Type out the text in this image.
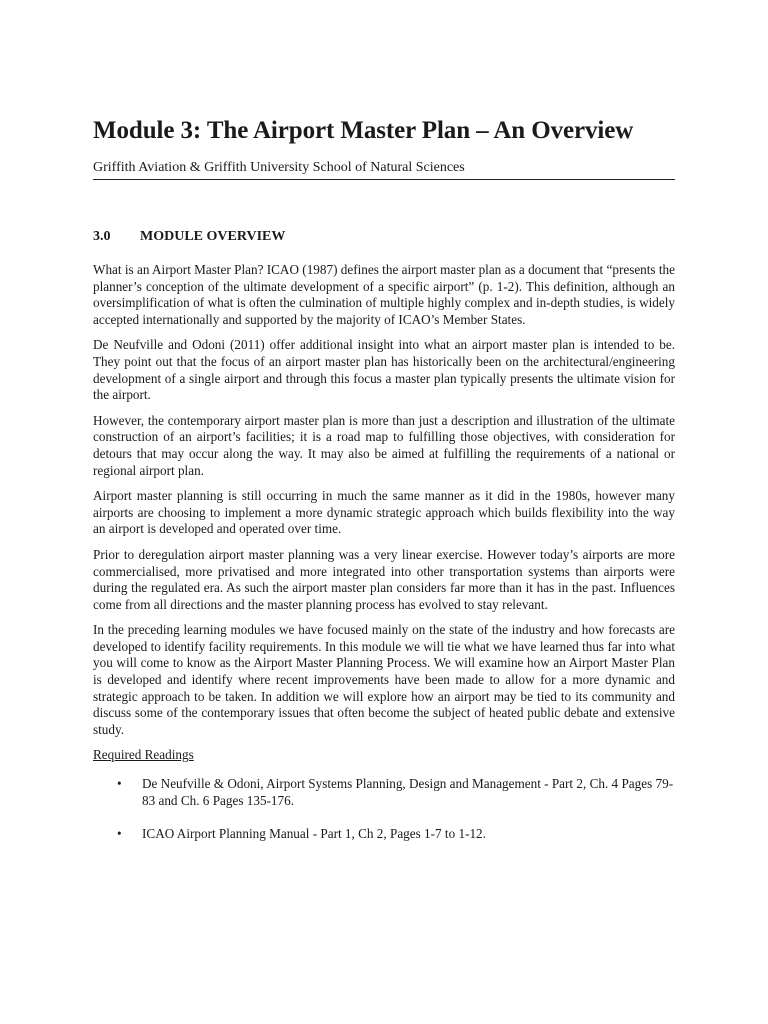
Module 3: The Airport Master Plan – An Overview
Griffith Aviation & Griffith University School of Natural Sciences
3.0 MODULE OVERVIEW

What is an Airport Master Plan? ICAO (1987) defines the airport master plan as a document that “presents the planner’s conception of the ultimate development of a specific airport” (p. 1-2). This definition, although an oversimplification of what is often the culmination of multiple highly complex and in-depth studies, is widely accepted internationally and supported by the majority of ICAO’s Member States.

De Neufville and Odoni (2011) offer additional insight into what an airport master plan is intended to be. They point out that the focus of an airport master plan has historically been on the architectural/engineering development of a single airport and through this focus a master plan typically presents the ultimate vision for the airport.

However, the contemporary airport master plan is more than just a description and illustration of the ultimate construction of an airport’s facilities; it is a road map to fulfilling those objectives, with consideration for detours that may occur along the way. It may also be aimed at fulfilling the requirements of a national or regional airport plan.

Airport master planning is still occurring in much the same manner as it did in the 1980s, however many airports are choosing to implement a more dynamic strategic approach which builds flexibility into the way an airport is developed and operated over time.

Prior to deregulation airport master planning was a very linear exercise. However today’s airports are more commercialised, more privatised and more integrated into other transportation systems than airports were during the regulated era. As such the airport master plan considers far more than it has in the past. Influences come from all directions and the master planning process has evolved to stay relevant.

In the preceding learning modules we have focused mainly on the state of the industry and how forecasts are developed to identify facility requirements. In this module we will tie what we have learned thus far into what you will come to know as the Airport Master Planning Process. We will examine how an Airport Master Plan is developed and identify where recent improvements have been made to allow for a more dynamic and strategic approach to be taken. In addition we will explore how an airport may be tied to its community and discuss some of the contemporary issues that often become the subject of heated public debate and extensive study.

Required Readings

• De Neufville & Odoni, Airport Systems Planning, Design and Management - Part 2, Ch. 4 Pages 79-83 and Ch. 6 Pages 135-176.
• ICAO Airport Planning Manual - Part 1, Ch 2, Pages 1-7 to 1-12.
